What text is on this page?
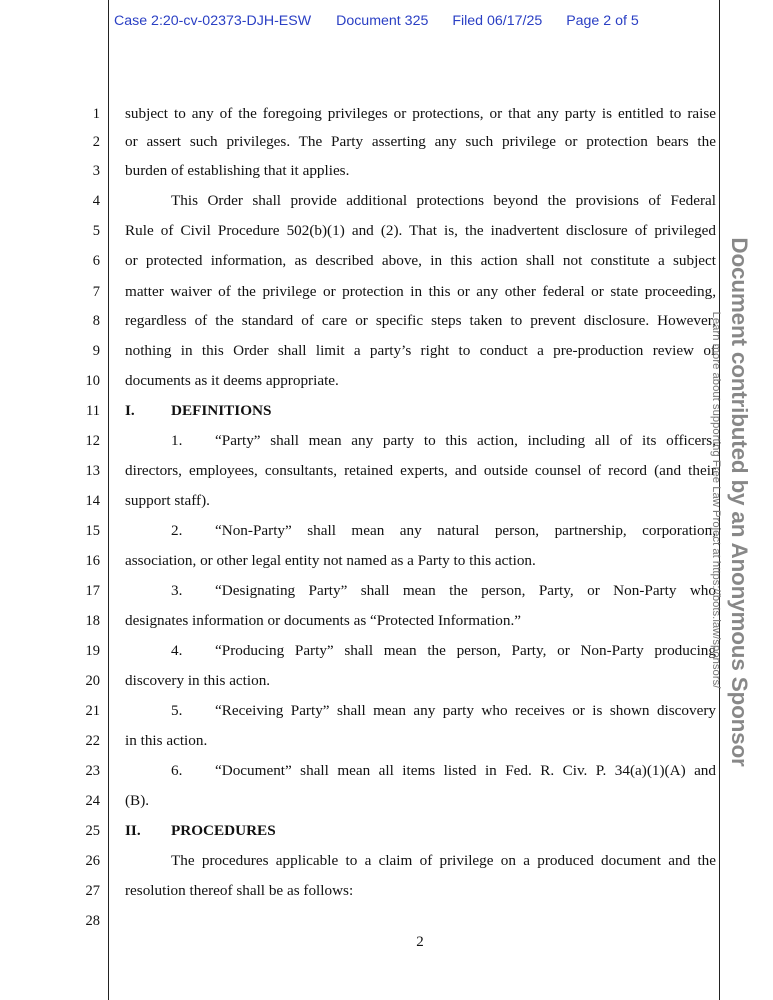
Case 2:20-cv-02373-DJH-ESW Document 325 Filed 06/17/25 Page 2 of 5
1
2
3
4
5
6
7
8
9
10
11
12
13
14
15
16
17
18
19
20
21
22
23
24
25
26
27
28
subject to any of the foregoing privileges or protections, or that any party is entitled to raise
or assert such privileges. The Party asserting any such privilege or protection bears the
burden of establishing that it applies.
This Order shall provide additional protections beyond the provisions of Federal
Rule of Civil Procedure 502(b)(1) and (2). That is, the inadvertent disclosure of privileged
or protected information, as described above, in this action shall not constitute a subject
matter waiver of the privilege or protection in this or any other federal or state proceeding,
regardless of the standard of care or specific steps taken to prevent disclosure. However,
nothing in this Order shall limit a party’s right to conduct a pre-production review of
documents as it deems appropriate.
I. DEFINITIONS
1.	“Party” shall mean any party to this action, including all of its officers,
directors, employees, consultants, retained experts, and outside counsel of record (and their
support staff).
2.	“Non-Party” shall mean any natural person, partnership, corporation,
association, or other legal entity not named as a Party to this action.
3.	“Designating Party” shall mean the person, Party, or Non-Party who
designates information or documents as “Protected Information.”
4.	“Producing Party” shall mean the person, Party, or Non-Party producing
discovery in this action.
5.	“Receiving Party” shall mean any party who receives or is shown discovery
in this action.
6.	“Document” shall mean all items listed in Fed. R. Civ. P. 34(a)(1)(A) and
(B).
II. PROCEDURES
The procedures applicable to a claim of privilege on a produced document and the
resolution thereof shall be as follows:
2
Document contributed by an Anonymous Sponsor
Learn more about supporting Free Law Project at https://bots.law/sponsors/
